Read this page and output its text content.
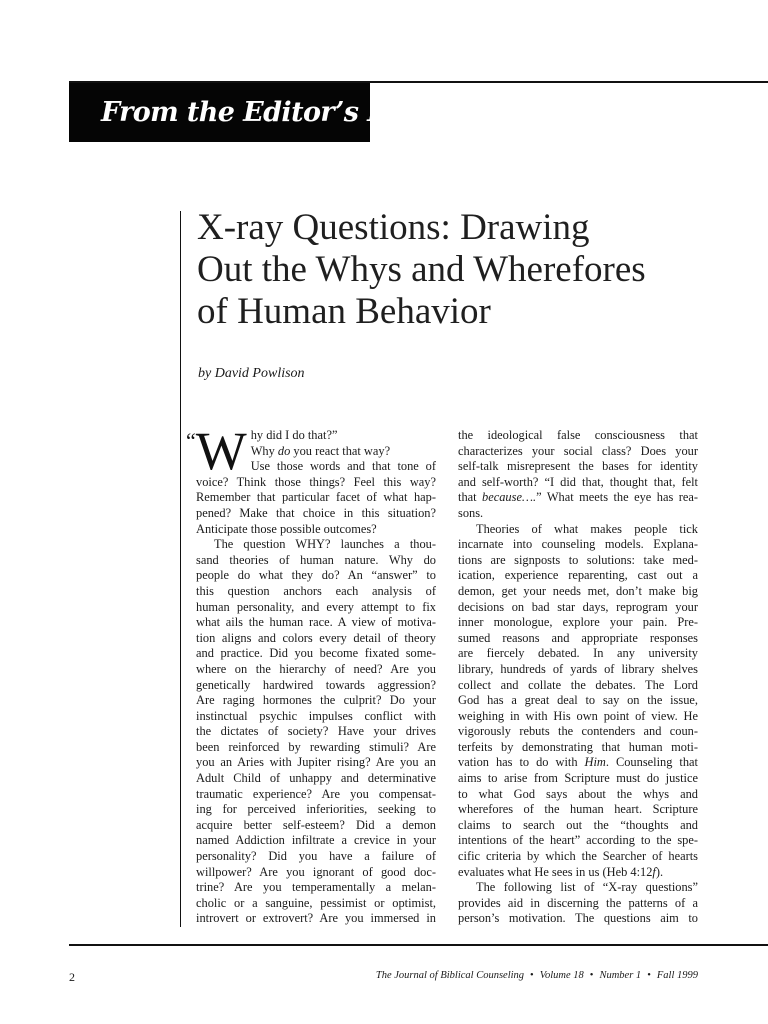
From the Editor’s Desk
X-ray Questions: Drawing
Out the Whys and Wherefores
of Human Behavior

by David Powlison

“W hy did I do that?”
Why do you react that way?
Use those words and that tone of
voice? Think those things? Feel this way?
Remember that particular facet of what hap-
pened? Make that choice in this situation?
Anticipate those possible outcomes?
The question WHY? launches a thou-
sand theories of human nature. Why do
people do what they do? An “answer” to
this question anchors each analysis of
human personality, and every attempt to fix
what ails the human race. A view of motiva-
tion aligns and colors every detail of theory
and practice. Did you become fixated some-
where on the hierarchy of need? Are you
genetically hardwired towards aggression?
Are raging hormones the culprit? Do your
instinctual psychic impulses conflict with
the dictates of society? Have your drives
been reinforced by rewarding stimuli? Are
you an Aries with Jupiter rising? Are you an
Adult Child of unhappy and determinative
traumatic experience? Are you compensat-
ing for perceived inferiorities, seeking to
acquire better self-esteem? Did a demon
named Addiction infiltrate a crevice in your
personality? Did you have a failure of
willpower? Are you ignorant of good doc-
trine? Are you temperamentally a melan-
cholic or a sanguine, pessimist or optimist,
introvert or extrovert? Are you immersed in
the ideological false consciousness that
characterizes your social class? Does your
self-talk misrepresent the bases for identity
and self-worth? “I did that, thought that, felt
that because….” What meets the eye has rea-
sons.
Theories of what makes people tick
incarnate into counseling models. Explana-
tions are signposts to solutions: take med-
ication, experience reparenting, cast out a
demon, get your needs met, don’t make big
decisions on bad star days, reprogram your
inner monologue, explore your pain. Pre-
sumed reasons and appropriate responses
are fiercely debated. In any university
library, hundreds of yards of library shelves
collect and collate the debates. The Lord
God has a great deal to say on the issue,
weighing in with His own point of view. He
vigorously rebuts the contenders and coun-
terfeits by demonstrating that human moti-
vation has to do with Him. Counseling that
aims to arise from Scripture must do justice
to what God says about the whys and
wherefores of the human heart. Scripture
claims to search out the “thoughts and
intentions of the heart” according to the spe-
cific criteria by which the Searcher of hearts
evaluates what He sees in us (Heb 4:12f).
The following list of “X-ray questions”
provides aid in discerning the patterns of a
person’s motivation. The questions aim to
2	The Journal of Biblical Counseling • Volume 18 • Number 1 • Fall 1999
